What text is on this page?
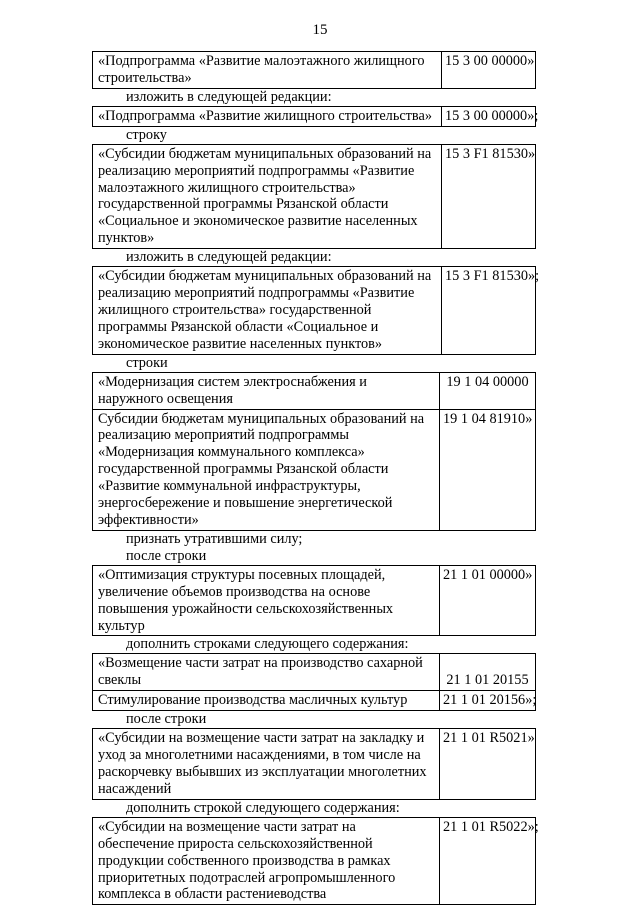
15
«Подпрограмма «Развитие малоэтажного жилищного строительства»	15 3 00 00000»
изложить в следующей редакции:
«Подпрограмма «Развитие жилищного строительства»	15 3 00 00000»;
строку
«Субсидии бюджетам муниципальных образований на реализацию мероприятий подпрограммы «Развитие малоэтажного жилищного строительства» государственной программы Рязанской области «Социальное и экономическое развитие населенных пунктов»	15 3 F1 81530»
изложить в следующей редакции:
«Субсидии бюджетам муниципальных образований на реализацию мероприятий подпрограммы «Развитие жилищного строительства» государственной программы Рязанской области «Социальное и экономическое развитие населенных пунктов»	15 3 F1 81530»;
строки
«Модернизация систем электроснабжения и наружного освещения	19 1 04 00000
Субсидии бюджетам муниципальных образований на реализацию мероприятий подпрограммы «Модернизация коммунального комплекса» государственной программы Рязанской области «Развитие коммунальной инфраструктуры, энергосбережение и повышение энергетической эффективности»	19 1 04 81910»
признать утратившими силу;
после строки
«Оптимизация структуры посевных площадей, увеличение объемов производства на основе повышения урожайности сельскохозяйственных культур	21 1 01 00000»
дополнить строками следующего содержания:
«Возмещение части затрат на производство сахарной свеклы	21 1 01 20155
Стимулирование производства масличных культур	21 1 01 20156»;
после строки
«Субсидии на возмещение части затрат на закладку и уход за многолетними насаждениями, в том числе на раскорчевку выбывших из эксплуатации многолетних насаждений	21 1 01 R5021»
дополнить строкой следующего содержания:
«Субсидии на возмещение части затрат на обеспечение прироста сельскохозяйственной продукции собственного производства в рамках приоритетных подотраслей агропромышленного комплекса в области растениеводства	21 1 01 R5022»;
